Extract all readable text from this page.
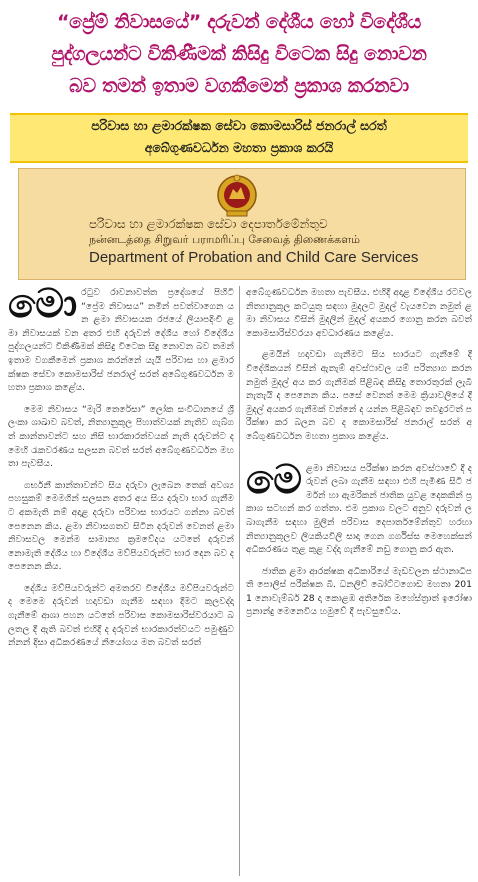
“ප්‍රේම් නිවාසයේ” දරුවන් දේශීය හෝ විදේශීය
පුද්ගලයන්ට විකිණීමක් කිසිදු විටෙක සිදු නොවන
බව තමන් ඉතාම වගකීමෙන් ප්‍රකාශ කරනවා
පරිවාස හා ළමාරක්ෂක සේවා කොමසාරිස් ජනරාල් සරත්
අබේගුණවර්ධන මහතා ප්‍රකාශ කරයි
පරිවාස හා ළමාරක්ෂක සේවා දෙපාර්තමේන්තුව
நன்னடத்தை சிறுவர் பராமரிப்பு சேவைத் திணைக்களம்
Department of Probation and Child Care Services

මොරටුව රාවනාවත්ත ප්‍රදේශයේ පිහිටි “ප්‍රේම නිවාසය” නමින් පවත්වාගෙන යන ළමා නිවාසයක රජයේ ලියාපදිංචි ළමා නිවාසයක් වන අතර එහි දරුවන් දේශීය හෝ විදේශීය පුද්ගලයන්ට විකිණීමක් කිසිදු විටෙක සිදු නොවන බව තමන් ඉතාම වගකීමෙන් ප්‍රකාශ කරන්නේ යැයි පරිවාස හා ළමාරක්ෂක සේවා කොමසාරිස් ජනරාල් සරත් අබේගුණවර්ධන මහතා ප්‍රකාශ කළේය.

මෙම නිවාසය “මැරි තෙරේසා” ලෝක සංවිධානයේ ශ්‍රී ලංකා ශාඛාව බවත්, නිත්‍යානුකූල පිහාත්වයක් නැතිව ගැබ්ගත් කාන්තාවන්ට සහ නිසි භාරකාරත්වයක් නැති දරුවන්ට ද මෙහි රැකවරණය සලසන බවත් සරත් අබේගුණවර්ධන මහතා පැවසීය.

ගර්භනී කාන්තාවන්ට සිය දරුවා ලැබෙන තෙක් අවශ්‍ය පහසුකම් මෙමගින් සලසන අතර අය සිය දරුවා භාර ගැනීමට අකමැති නම් අදාළ දරුවා පරිවාස භාරයට ගන්නා බවත් පෙනෙන කිය. ළමා නිවාසගතව සිටින දරුවන් වෙනත් ළමා නිවාසවල මෙන්ම සාමාන්‍ය ක්‍රමවේදය යටතේ දරුවන් නොමැති දේශීය හා විදේශීය මව්පියවරුන්ට භාර දෙන බව ද පෙනෙන කිය.

දේශීය මව්පියවරුන්ට අමතරව විදේශීය මව්පියවරුන්ට ද මෙමෙ දරුවන් හදාවඩා ගැනීම සඳහා දීමට කුලවද්දා ගැනීමේ ආශා පහන යටතේ පරිවාස කොමසාරිස්වරයාට බලතල දී ඇති බවත් එහිදී ද දරුවන් භාරකාරත්වයට පමුණුවන්නන් දිසා අධිකරණයේ නියෝගය මත බවත් සරත්

අබේගුණවර්ධන මහතා පැවසීය. එහිදී අදාළ විදේශීය රටවල නිත්‍යානුකූල කටයුතු සඳහා මුදලට මුදල් වැයවෙන නමුත් ළමා නිවාසය විසින් මුදලින් මුදල් අයකර ගොනු කරන බවත් කොමසාරිස්වරයා අවධාරණය කළේය.

ළමයින් හදාවඩා ගැනීමට සිය භාරයට ගැනීමේ දී විදේශිකයන් විසින් ඇතැම් අවස්ථාවල යම් පරිත්‍යාග කරන නමුත් මුදල් අය කර ගැනීමක් පිළිබඳ කිසිදු තොරතුරක් ලැබී නැතැයි ද පෙනෙන කිය. පසේ වෙනත් මෙම ක්‍රියාවලියේ දී මුදල් අයකර ගැනීමක් වන්නේ ද යන්න පිළිබඳව තවදුරටත් පරීක්ෂා කර බලන බව ද කොමසාරිස් ජනරාල් සරත් අබේගුණවර්ධන මහතා ප්‍රකාශ කළේය.

මෙළමා නිවාසය පරීක්ෂා කරන අවස්ථාවේ දී දරුවන් ලබා ගැනීම සඳහා එහි පැමිණ සිටි ජර්මන් හා ඇමරිකන් ජාතික යුවළ දෙකකින් ප්‍රකාශ සටහන් කර ගත්තා. එම ප්‍රකාශ වලට අනුව දරුවන් ලබාගැනීම සඳහා මුලින් පරිවාස දෙපාර්තමේන්තුව හරහා නිත්‍යානුකූලව ලියකියවිලි සාදා ගෙන ගර්ගිස්ස මෙහෙක්සන් අධිකරණය තුළ කුළ වද්දා ගැනීමේ නඩු ගොනු කර ඇත.

ජාතික ළමා ආරක්ෂක අධිකාරියේ මැඩවලන ස්ථානාධිපති පොලිස් පරීක්ෂක බී. ධනලිච් බෝට්ටගොඩ මහතා 2011 නොවැම්බර් 28 දා කොළඹ අතිරේක මහේස්ත්‍රාත් ඉරෝෂා ප්‍රනාන්දු මෙනෙවිය හමුවේ දී පැවසුවේය.
